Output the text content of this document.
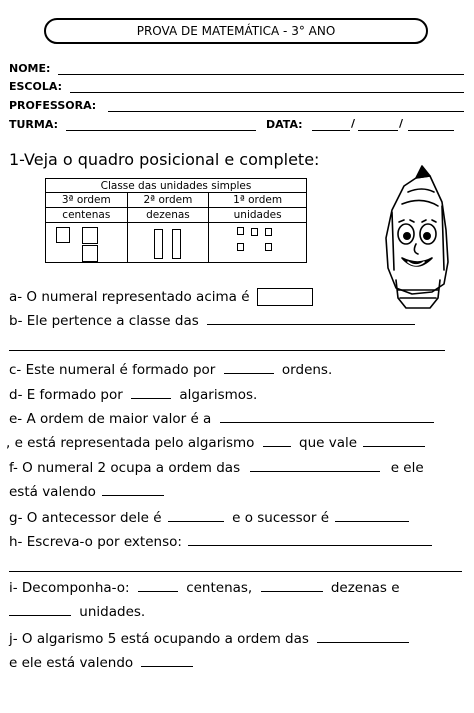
PROVA DE MATEMÁTICA - 3° ANO
NOME:
ESCOLA:
PROFESSORA:
TURMA:	DATA:	/	/
1-Veja o quadro posicional e complete:
Classe das unidades simples		
3ª ordem	2ª ordem	1ª ordem
centenas	dezenas	unidades

a- O numeral representado acima é
b- Ele pertence a classe das
c- Este numeral é formado por	ordens.
d- E formado por	algarismos.
e- A ordem de maior valor é a
, e está representada pelo algarismo	que vale
f- O numeral 2 ocupa a ordem das	e ele
está valendo
g- O antecessor dele é	e o sucessor é
h- Escreva-o por extenso:
i- Decomponha-o:	centenas,	dezenas e
unidades.
j- O algarismo 5 está ocupando a ordem das
e ele está valendo
